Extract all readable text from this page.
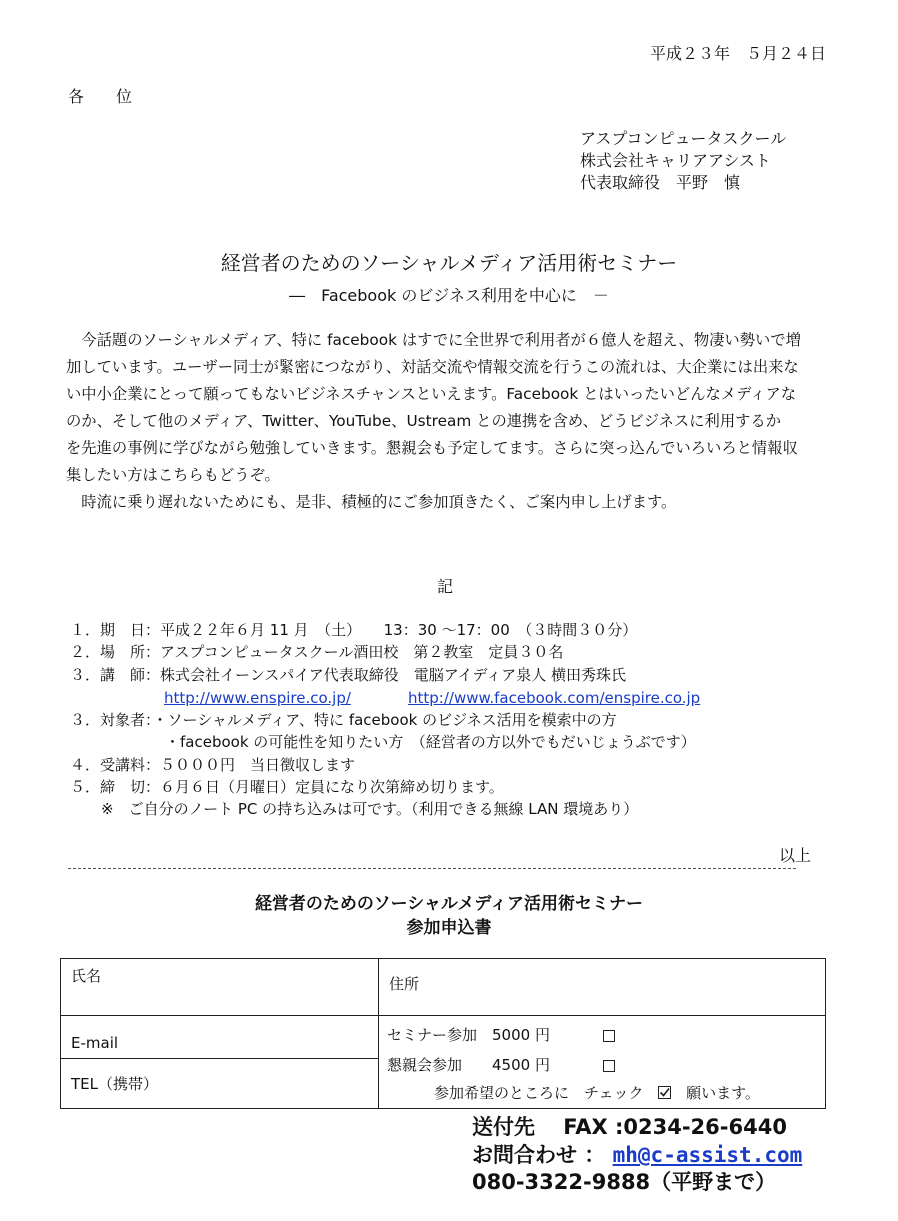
平成２３年　５月２４日
各　　位
アスプコンピュータスクール
株式会社キャリアアシスト
代表取締役　平野　慎
経営者のためのソーシャルメディア活用術セミナー
―　Facebook のビジネス利用を中心に　－
　今話題のソーシャルメディア、特に facebook はすでに全世界で利用者が６億人を超え、物凄い勢いで増
加しています。ユーザー同士が緊密につながり、対話交流や情報交流を行うこの流れは、大企業には出来な
い中小企業にとって願ってもないビジネスチャンスといえます。Facebook とはいったいどんなメディアな
のか、そして他のメディア、Twitter、YouTube、Ustream との連携を含め、どうビジネスに利用するか
を先進の事例に学びながら勉強していきます。懇親会も予定してます。さらに突っ込んでいろいろと情報収
集したい方はこちらもどうぞ。
　時流に乗り遅れないためにも、是非、積極的にご参加頂きたく、ご案内申し上げます。
記
１．期　日：平成２２年６月 11 月　（土）　　13：30 ～17：00　（３時間３０分）
２．場　所：アスプコンピュータスクール酒田校　第２教室　定員３０名
３．講　師：株式会社イーンスパイア代表取締役　電脳アイディア泉人 横田秀珠氏
http://www.enspire.co.jp/	http://www.facebook.com/enspire.co.jp
３．対象者：・ソーシャルメディア、特に facebook のビジネス活用を模索中の方
・facebook の可能性を知りたい方　（経営者の方以外でもだいじょうぶです）
４．受講料：５０００円　当日徴収します
５．締　切：６月６日（月曜日）定員になり次第締め切ります。
※　ご自分のノート PC の持ち込みは可です。（利用できる無線 LAN 環境あり）
以上
経営者のためのソーシャルメディア活用術セミナー
参加申込書
氏名	住所

E-mail	セミナー参加　5000 円
懇親会参加　　4500 円
参加希望のところに　チェック 願います。

TEL（携帯）	
送付先　 FAX :0234-26-6440
お問合わせ ： mh@c-assist.com
080-3322-9888（平野まで）
